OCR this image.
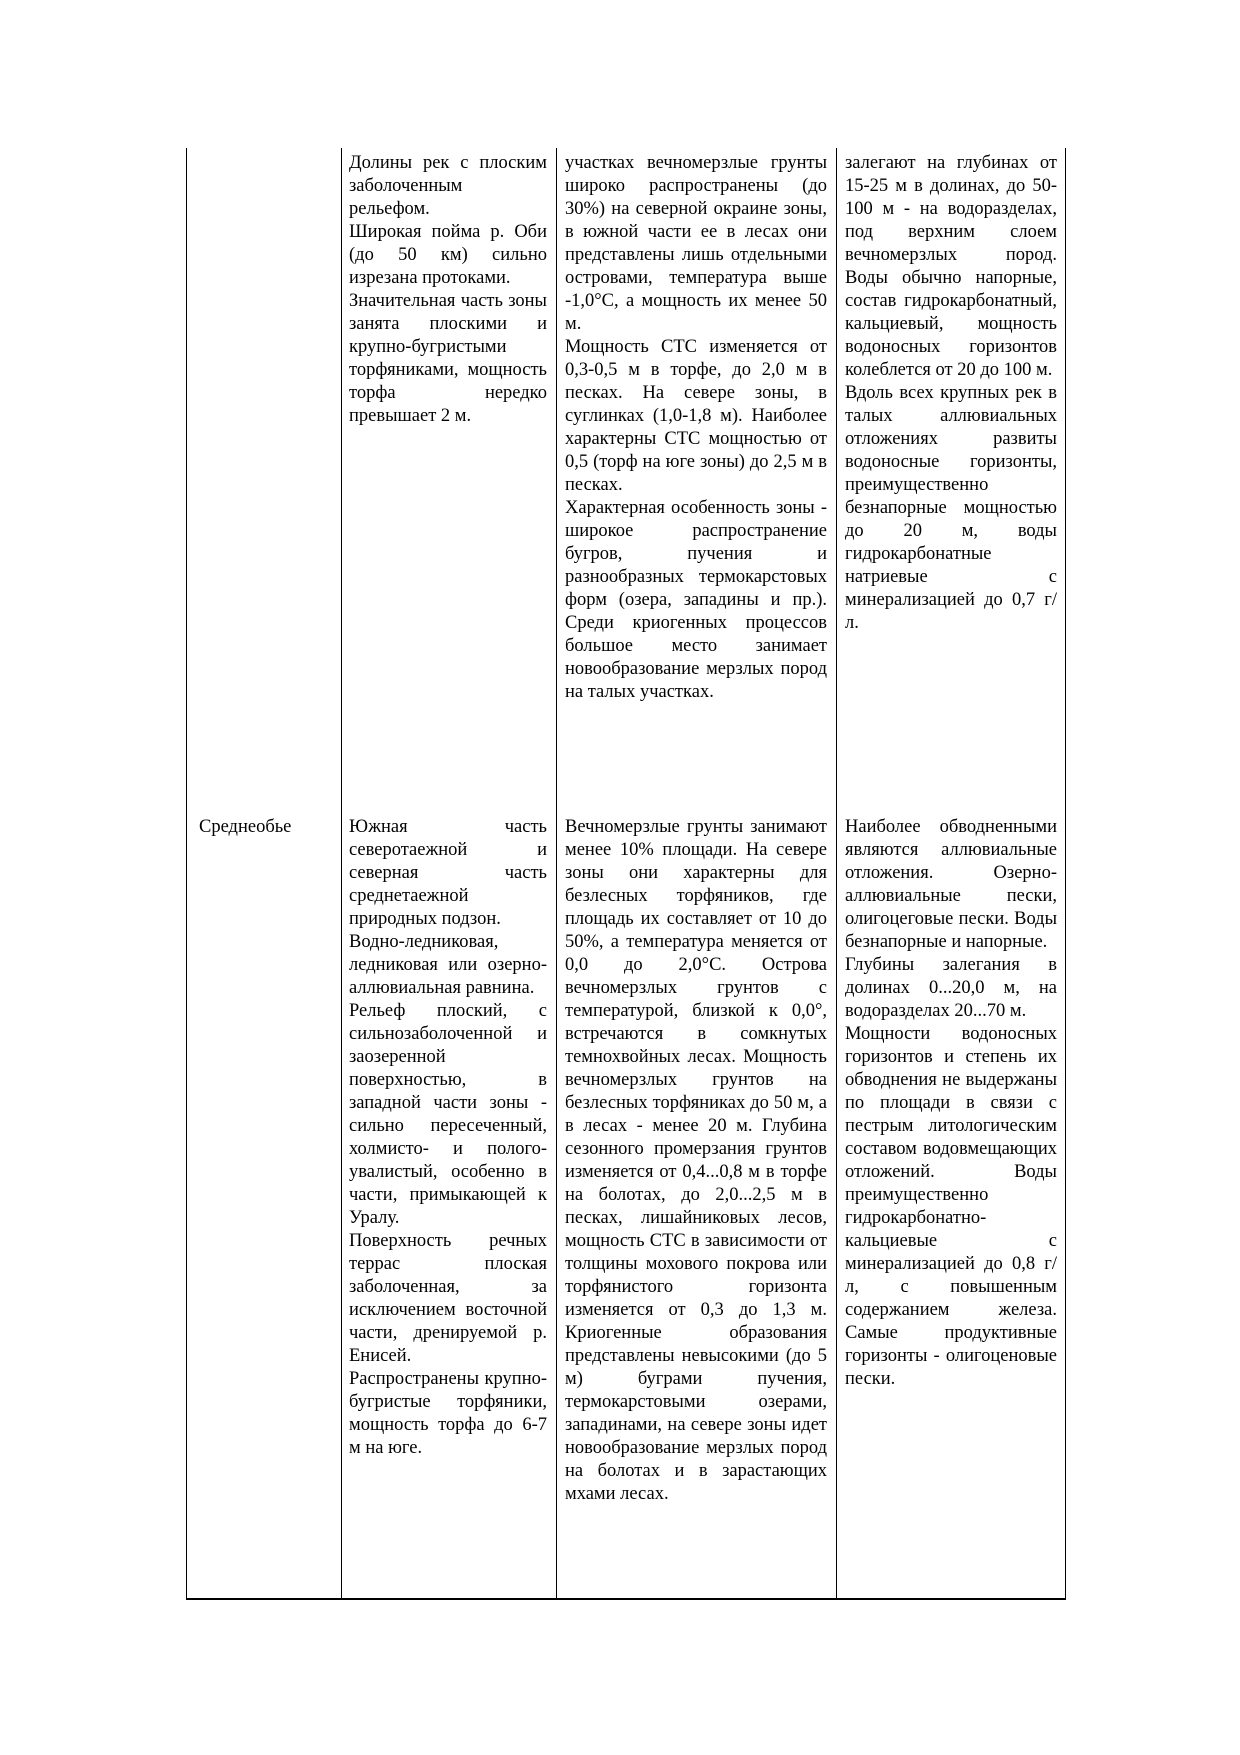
Долины рек с плоским заболоченным рельефом.

Широкая пойма р. Оби (до 50 км) сильно изрезана протоками.

Значительная часть зоны занята плоскими и крупно-бугристыми торфяниками, мощность торфа нередко превышает 2 м.

участках вечномерзлые грунты широко распространены (до 30%) на северной окраине зоны, в южной части ее в лесах они представлены лишь отдельными островами, температура выше -1,0°С, а мощность их менее 50 м.

Мощность СТС изменяется от 0,3-0,5 м в торфе, до 2,0 м в песках. На севере зоны, в суглинках (1,0-1,8 м). Наиболее характерны СТС мощностью от 0,5 (торф на юге зоны) до 2,5 м в песках.

Характерная особенность зоны - широкое распространение бугров, пучения и разнообразных термокарстовых форм (озера, западины и пр.). Среди криогенных процессов большое место занимает новообразование мерзлых пород на талых участках.

залегают на глубинах от 15-25 м в долинах, до 50-100 м - на водоразделах, под верхним слоем вечномерзлых пород. Воды обычно напорные, состав гидрокарбонатный, кальциевый, мощность водоносных горизонтов колеблется от 20 до 100 м.

Вдоль всех крупных рек в талых аллювиальных отложениях развиты водоносные горизонты, преимущественно безнапорные мощностью до 20 м, воды гидрокарбонатные натриевые с минерализацией до 0,7 г/л.

Среднеобье	Южная часть северотаежной и северная часть среднетаежной природных подзон.

Водно-ледниковая, ледниковая или озерно-аллювиальная равнина.

Рельеф плоский, с сильнозаболоченной и заозеренной поверхностью, в западной части зоны - сильно пересеченный, холмисто- и полого-увалистый, особенно в части, примыкающей к Уралу.

Поверхность речных террас плоская заболоченная, за исключением восточной части, дренируемой р. Енисей.

Распространены крупно-бугристые торфяники, мощность торфа до 6-7 м на юге.

Вечномерзлые грунты занимают менее 10% площади. На севере зоны они характерны для безлесных торфяников, где площадь их составляет от 10 до 50%, а температура меняется от 0,0 до 2,0°С. Острова вечномерзлых грунтов с температурой, близкой к 0,0°, встречаются в сомкнутых темнохвойных лесах. Мощность вечномерзлых грунтов на безлесных торфяниках до 50 м, а в лесах - менее 20 м. Глубина сезонного промерзания грунтов изменяется от 0,4...0,8 м в торфе на болотах, до 2,0...2,5 м в песках, лишайниковых лесов, мощность СТС в зависимости от толщины мохового покрова или торфянистого горизонта изменяется от 0,3 до 1,3 м. Криогенные образования представлены невысокими (до 5 м) буграми пучения, термокарстовыми озерами, западинами, на севере зоны идет новообразование мерзлых пород на болотах и в зарастающих мхами лесах.

Наиболее обводненными являются аллювиальные отложения. Озерно-аллювиальные пески, олигоцеговые пески. Воды безнапорные и напорные.

Глубины залегания в долинах 0...20,0 м, на водоразделах 20...70 м.

Мощности водоносных горизонтов и степень их обводнения не выдержаны по площади в связи с пестрым литологическим составом водовмещающих отложений. Воды преимущественно гидрокарбонатно-кальциевые с минерализацией до 0,8 г/л, с повышенным содержанием железа. Самые продуктивные горизонты - олигоценовые пески.
